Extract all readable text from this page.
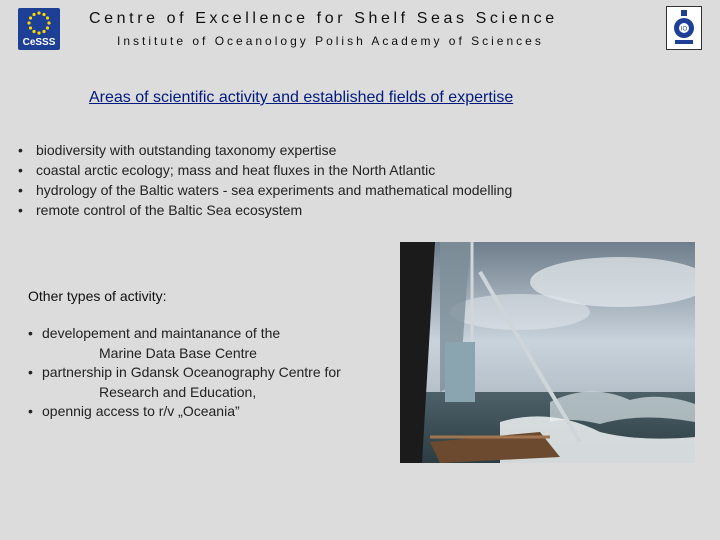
CeSSS
Centre of Excellence for Shelf Seas Science
Institute of Oceanology Polish Academy of Sciences
IO
Areas of scientific activity and established fields of expertise
• biodiversity with outstanding taxonomy expertise
• coastal arctic ecology; mass and heat fluxes in the North Atlantic
• hydrology of the Baltic waters - sea experiments and mathematical modelling
• remote control of the Baltic Sea ecosystem
Other types of activity:
• developement and maintanance of the
Marine Data Base Centre
• partnership in Gdansk Oceanography Centre for
Research and Education,
• opennig access to r/v „Oceania”
